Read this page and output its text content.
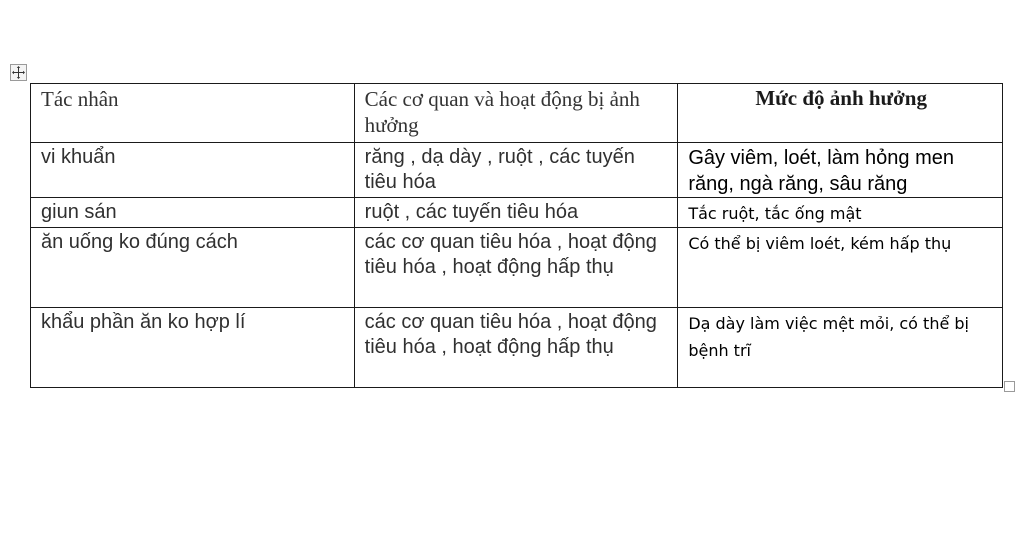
Tác nhân	Các cơ quan và hoạt động bị ảnh hưởng	Mức độ ảnh hưởng

vi khuẩn	răng , dạ dày , ruột , các tuyến tiêu hóa	Gây viêm, loét, làm hỏng men răng, ngà răng, sâu răng

giun sán	ruột , các tuyến tiêu hóa	Tắc ruột, tắc ống mật

ăn uống ko đúng cách	các cơ quan tiêu hóa , hoạt động tiêu hóa , hoạt động hấp thụ	Có thể bị viêm loét, kém hấp thụ

khẩu phần ăn ko hợp lí	các cơ quan tiêu hóa , hoạt động tiêu hóa , hoạt động hấp thụ	Dạ dày làm việc mệt mỏi, có thể bị bệnh trĩ
